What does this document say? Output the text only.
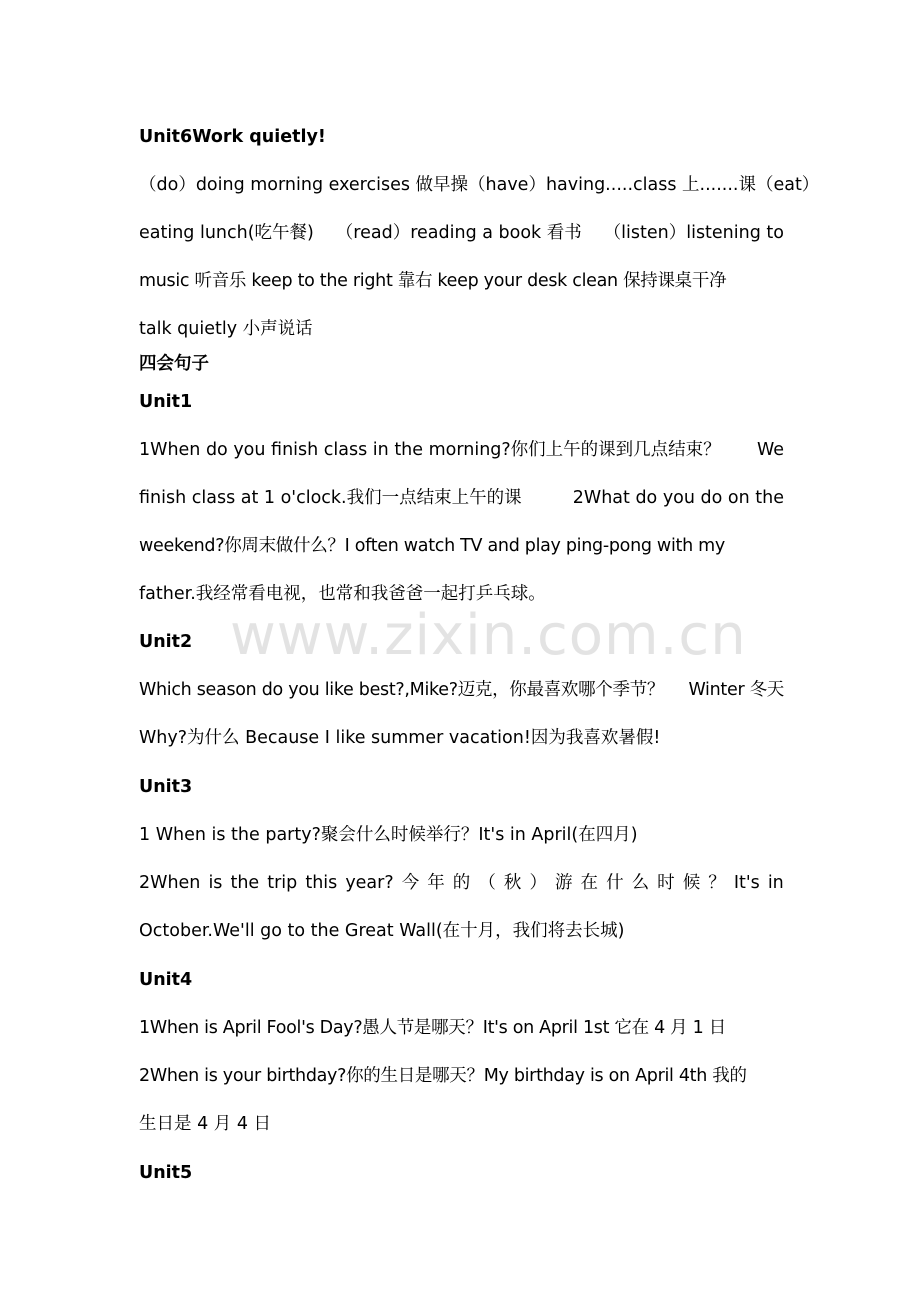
www.zixin.com.cn
Unit6Work quietly!
（do）doing morning exercises 做早操 （have）having.....class 上.......课 （eat）
eating lunch(吃午餐) （read）reading a book 看书 （listen）listening to
music 听音乐 keep to the right 靠右 keep your desk clean 保持课桌干净
talk quietly 小声说话
四会句子
Unit1
1When do you finish class in the morning?你们上午的课到几点结束？ We
finish class at 1 o'clock.我们一点结束上午的课	2What do you do on the
weekend?你周末做什么？I often watch TV and play ping-pong with my
father.我经常看电视，也常和我爸爸一起打乒乓球。
Unit2
Which season do you like best?,Mike?迈克，你最喜欢哪个季节？ Winter 冬天
Why?为什么 Because I like summer vacation!因为我喜欢暑假!
Unit3
1 When is the party?聚会什么时候举行？It's in April(在四月)
2When is the trip this year? 今 年 的 （ 秋 ） 游 在 什 么 时 候 ？ It's in
October.We'll go to the Great Wall(在十月，我们将去长城)
Unit4
1When is April Fool's Day?愚人节是哪天？It's on April 1st 它在 4 月 1 日
2When is your birthday?你的生日是哪天？My birthday is on April 4th 我的
生日是 4 月 4 日
Unit5
